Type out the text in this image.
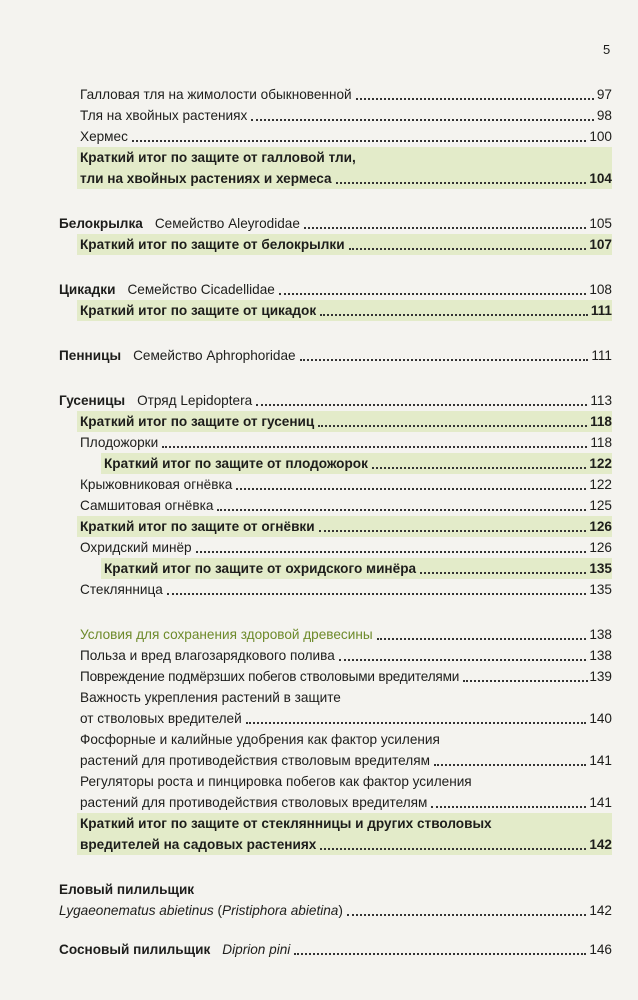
5
Галловая тля на жимолости обыкновенной	97
Тля на хвойных растениях	98
Хермес	100
Краткий итог по защите от галловой тли,
тли на хвойных растениях и хермеса	104
Белокрылка Семейство Aleyrodidae	105
Краткий итог по защите от белокрылки	107
Цикадки Семейство Cicadellidae	108
Краткий итог по защите от цикадок	111
Пенницы Семейство Aphrophoridae	111
Гусеницы Отряд Lepidoptera	113
Краткий итог по защите от гусениц	118
Плодожорки	118
Краткий итог по защите от плодожорок	122
Крыжовниковая огнёвка	122
Самшитовая огнёвка	125
Краткий итог по защите от огнёвки	126
Охридский минёр	126
Краткий итог по защите от охридского минёра	135
Стеклянница	135
Условия для сохранения здоровой древесины	138
Польза и вред влагозарядкового полива	138
Повреждение подмёрзших побегов стволовыми вредителями	139
Важность укрепления растений в защите
от стволовых вредителей	140
Фосфорные и калийные удобрения как фактор усиления
растений для противодействия стволовым вредителям	141
Регуляторы роста и пинцировка побегов как фактор усиления
растений для противодействия стволовых вредителям	141
Краткий итог по защите от стеклянницы и других стволовых
вредителей на садовых растениях	142
Еловый пилильщик
Lygaeonematus abietinus (Pristiphora abietina)	142
Сосновый пилильщик Diprion pini	146
